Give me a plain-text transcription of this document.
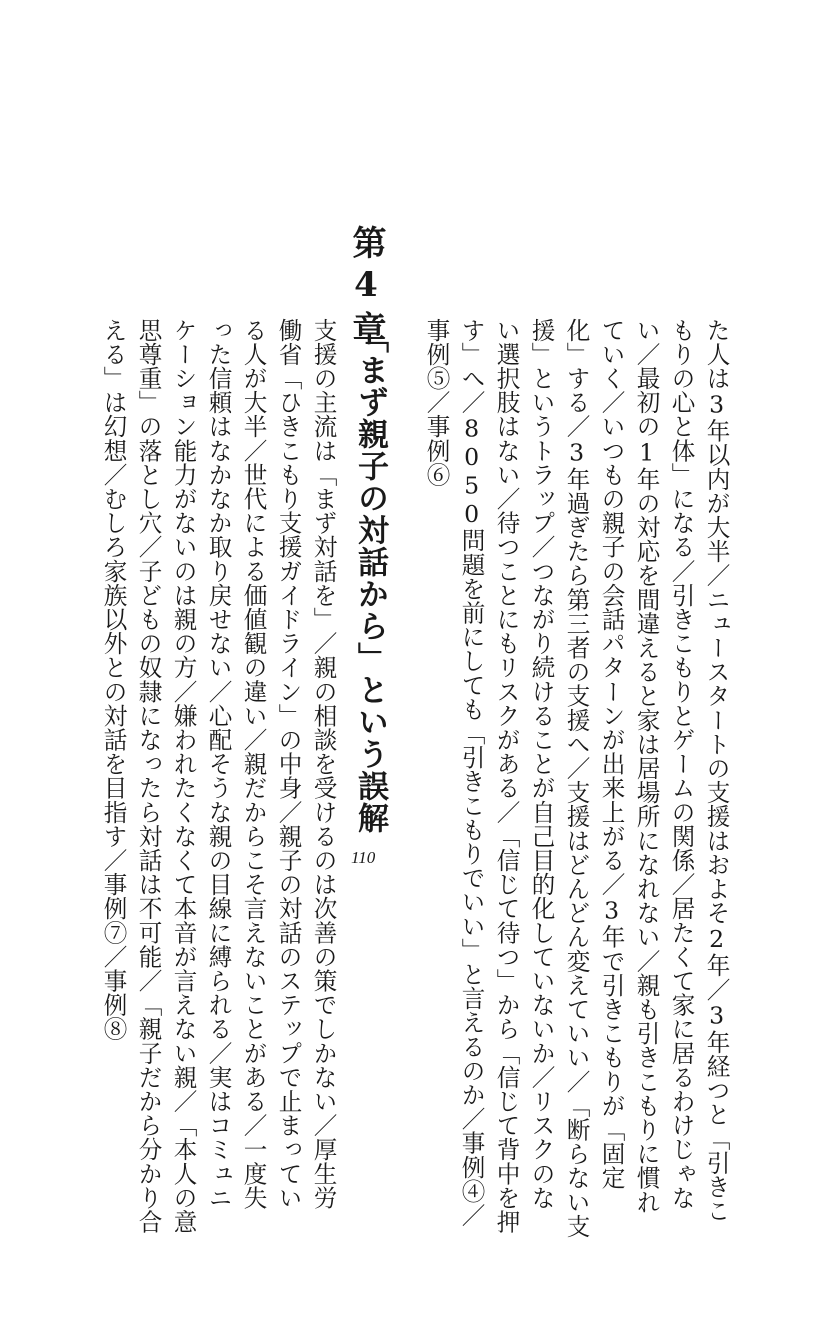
た人は3年以内が大半／ニュースタートの支援はおよそ2年／3年経つと「引きこ

もりの心と体」になる／引きこもりとゲームの関係／居たくて家に居るわけじゃな

い／最初の1年の対応を間違えると家は居場所になれない／親も引きこもりに慣れ

ていく／いつもの親子の会話パターンが出来上がる／3年で引きこもりが「固定

化」する／3年過ぎたら第三者の支援へ／支援はどんどん変えていい／「断らない支

援」というトラップ／つながり続けることが自己目的化していないか／リスクのな

い選択肢はない／待つことにもリスクがある／「信じて待つ」から「信じて背中を押

す」へ／8050問題を前にしても「引きこもりでいい」と言えるのか／事例④／

事例⑤／事例⑥

第4章
「まず親子の対話から」という誤解
110

支援の主流は「まず対話を」／親の相談を受けるのは次善の策でしかない／厚生労

働省「ひきこもり支援ガイドライン」の中身／親子の対話のステップで止まってい

る人が大半／世代による価値観の違い／親だからこそ言えないことがある／一度失

った信頼はなかなか取り戻せない／心配そうな親の目線に縛られる／実はコミュニ

ケーション能力がないのは親の方／嫌われたくなくて本音が言えない親／「本人の意

思尊重」の落とし穴／子どもの奴隷になったら対話は不可能／「親子だから分かり合

える」は幻想／むしろ家族以外との対話を目指す／事例⑦／事例⑧
